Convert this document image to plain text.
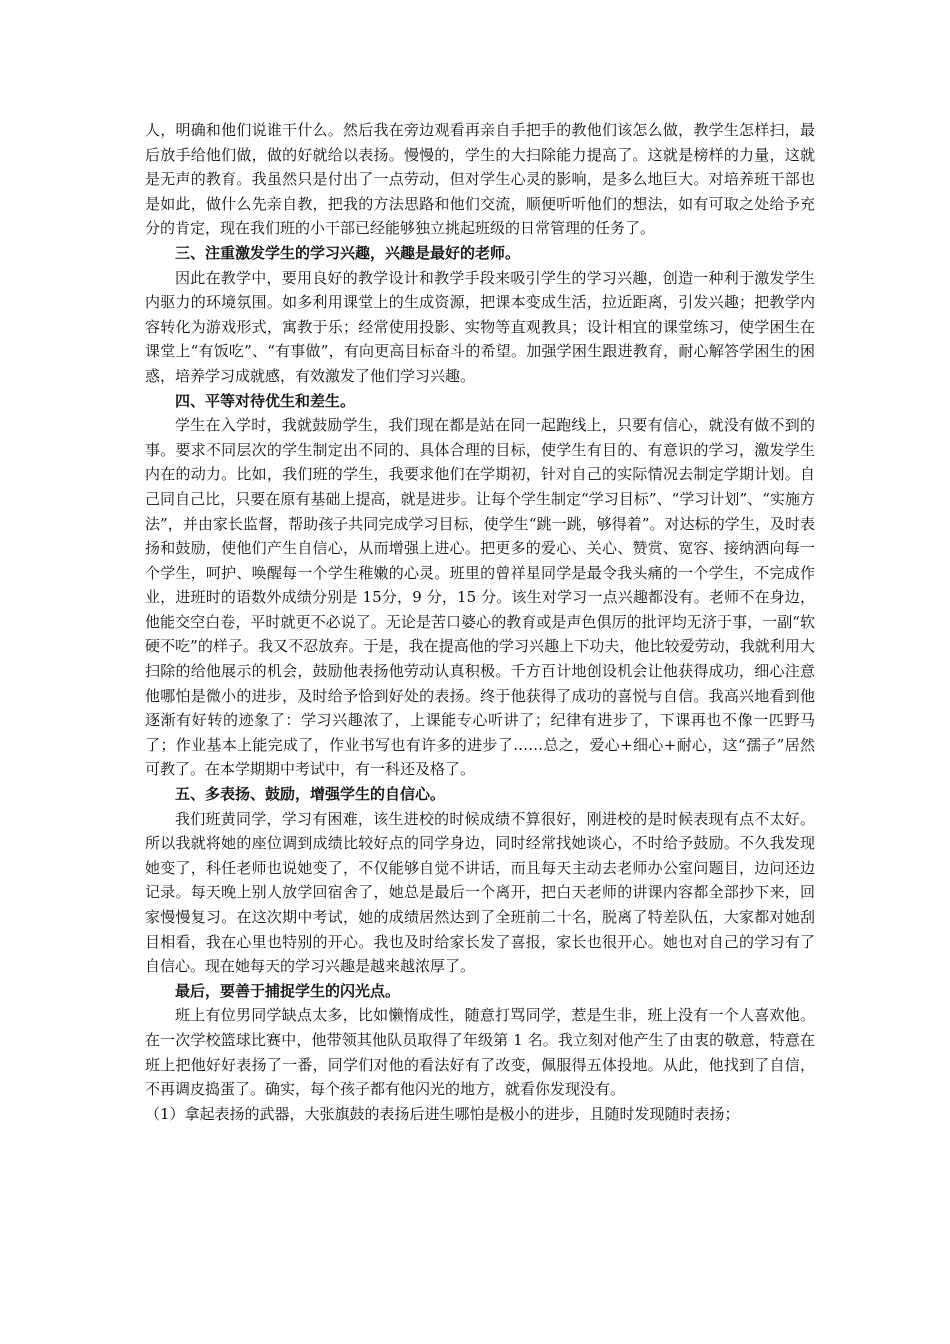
人，明确和他们说谁干什么。然后我在旁边观看再亲自手把手的教他们该怎么做，教学生怎样扫，最后放手给他们做，做的好就给以表扬。慢慢的，学生的大扫除能力提高了。这就是榜样的力量，这就是无声的教育。我虽然只是付出了一点劳动，但对学生心灵的影响，是多么地巨大。对培养班干部也是如此，做什么先亲自教，把我的方法思路和他们交流，顺便听听他们的想法，如有可取之处给予充分的肯定，现在我们班的小干部已经能够独立挑起班级的日常管理的任务了。

三、注重激发学生的学习兴趣，兴趣是最好的老师。

因此在教学中，要用良好的教学设计和教学手段来吸引学生的学习兴趣，创造一种利于激发学生内驱力的环境氛围。如多利用课堂上的生成资源，把课本变成生活，拉近距离，引发兴趣；把教学内容转化为游戏形式，寓教于乐；经常使用投影、实物等直观教具；设计相宜的课堂练习，使学困生在课堂上“有饭吃”、“有事做”，有向更高目标奋斗的希望。加强学困生跟进教育，耐心解答学困生的困惑，培养学习成就感，有效激发了他们学习兴趣。

四、平等对待优生和差生。

学生在入学时，我就鼓励学生，我们现在都是站在同一起跑线上，只要有信心，就没有做不到的事。要求不同层次的学生制定出不同的、具体合理的目标，使学生有目的、有意识的学习，激发学生内在的动力。比如，我们班的学生，我要求他们在学期初，针对自己的实际情况去制定学期计划。自己同自己比，只要在原有基础上提高，就是进步。让每个学生制定“学习目标”、“学习计划”、“实施方法”，并由家长监督，帮助孩子共同完成学习目标，使学生“跳一跳，够得着”。对达标的学生，及时表扬和鼓励，使他们产生自信心，从而增强上进心。把更多的爱心、关心、赞赏、宽容、接纳洒向每一个学生，呵护、唤醒每一个学生稚嫩的心灵。班里的曾祥星同学是最令我头痛的一个学生，不完成作业，进班时的语数外成绩分别是 15分，9 分，15 分。该生对学习一点兴趣都没有。老师不在身边，他能交空白卷，平时就更不必说了。无论是苦口婆心的教育或是声色俱厉的批评均无济于事，一副“软硬不吃”的样子。我又不忍放弃。于是，我在提高他的学习兴趣上下功夫，他比较爱劳动，我就利用大扫除的给他展示的机会，鼓励他表扬他劳动认真积极。千方百计地创设机会让他获得成功，细心注意他哪怕是微小的进步，及时给予恰到好处的表扬。终于他获得了成功的喜悦与自信。我高兴地看到他逐渐有好转的迹象了：学习兴趣浓了，上课能专心听讲了；纪律有进步了，下课再也不像一匹野马了；作业基本上能完成了，作业书写也有许多的进步了……总之，爱心+细心+耐心，这“孺子”居然可教了。在本学期期中考试中，有一科还及格了。

五、多表扬、鼓励，增强学生的自信心。

我们班黄同学，学习有困难，该生进校的时候成绩不算很好，刚进校的是时候表现有点不太好。所以我就将她的座位调到成绩比较好点的同学身边，同时经常找她谈心，不时给予鼓励。不久我发现她变了，科任老师也说她变了，不仅能够自觉不讲话，而且每天主动去老师办公室问题目，边问还边记录。每天晚上别人放学回宿舍了，她总是最后一个离开，把白天老师的讲课内容都全部抄下来，回家慢慢复习。在这次期中考试，她的成绩居然达到了全班前二十名，脱离了特差队伍，大家都对她刮目相看，我在心里也特别的开心。我也及时给家长发了喜报，家长也很开心。她也对自己的学习有了自信心。现在她每天的学习兴趣是越来越浓厚了。

最后，要善于捕捉学生的闪光点。

班上有位男同学缺点太多，比如懒惰成性，随意打骂同学，惹是生非，班上没有一个人喜欢他。在一次学校篮球比赛中，他带领其他队员取得了年级第 1 名。我立刻对他产生了由衷的敬意，特意在班上把他好好表扬了一番，同学们对他的看法好有了改变，佩服得五体投地。从此，他找到了自信，不再调皮捣蛋了。确实，每个孩子都有他闪光的地方，就看你发现没有。

（1）拿起表扬的武器，大张旗鼓的表扬后进生哪怕是极小的进步，且随时发现随时表扬；
